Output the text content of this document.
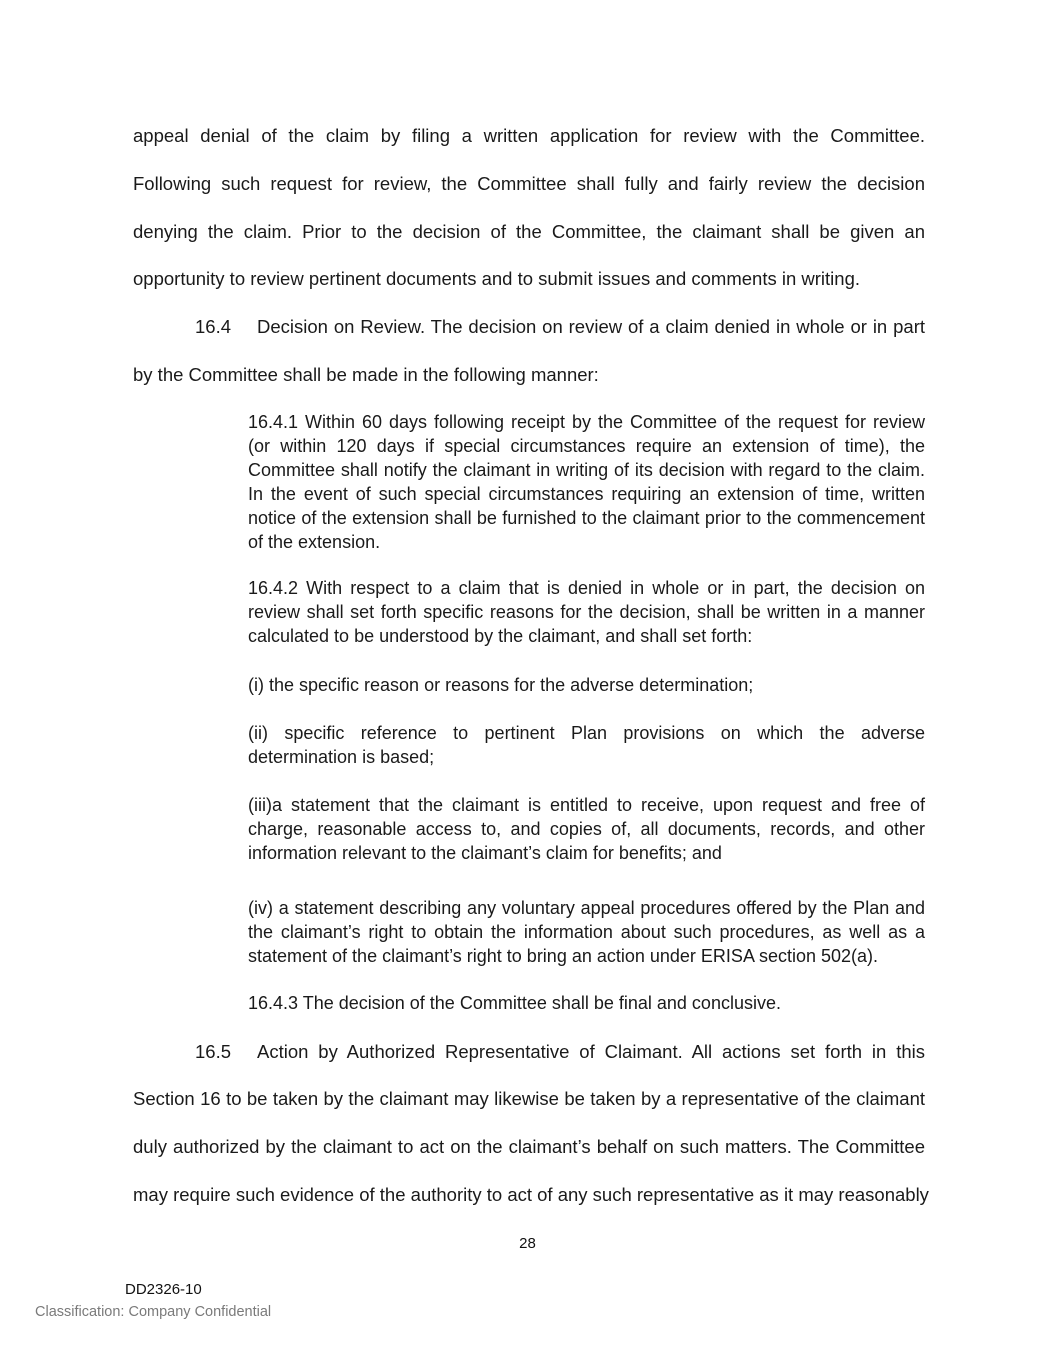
appeal denial of the claim by filing a written application for review with the Committee.
Following such request for review, the Committee shall fully and fairly review the decision
denying the claim. Prior to the decision of the Committee, the claimant shall be given an
opportunity to review pertinent documents and to submit issues and comments in writing.
16.4	Decision on Review. The decision on review of a claim denied in whole or in part
by the Committee shall be made in the following manner:

16.4.1 Within 60 days following receipt by the Committee of the request for review (or within 120 days if special circumstances require an extension of time), the Committee shall notify the claimant in writing of its decision with regard to the claim. In the event of such special circumstances requiring an extension of time, written notice of the extension shall be furnished to the claimant prior to the commencement of the extension.

16.4.2 With respect to a claim that is denied in whole or in part, the decision on review shall set forth specific reasons for the decision, shall be written in a manner calculated to be understood by the claimant, and shall set forth:

(i) the specific reason or reasons for the adverse determination;

(ii) specific reference to pertinent Plan provisions on which the adverse determination is based;

(iii)a statement that the claimant is entitled to receive, upon request and free of charge, reasonable access to, and copies of, all documents, records, and other information relevant to the claimant’s claim for benefits; and

(iv) a statement describing any voluntary appeal procedures offered by the Plan and the claimant’s right to obtain the information about such procedures, as well as a statement of the claimant’s right to bring an action under ERISA section 502(a).

16.4.3 The decision of the Committee shall be final and conclusive.

16.5	Action by Authorized Representative of Claimant. All actions set forth in this
Section 16 to be taken by the claimant may likewise be taken by a representative of the claimant
duly authorized by the claimant to act on the claimant’s behalf on such matters. The Committee
may require such evidence of the authority to act of any such representative as it may reasonably
28
DD2326-10
Classification: Company Confidential
